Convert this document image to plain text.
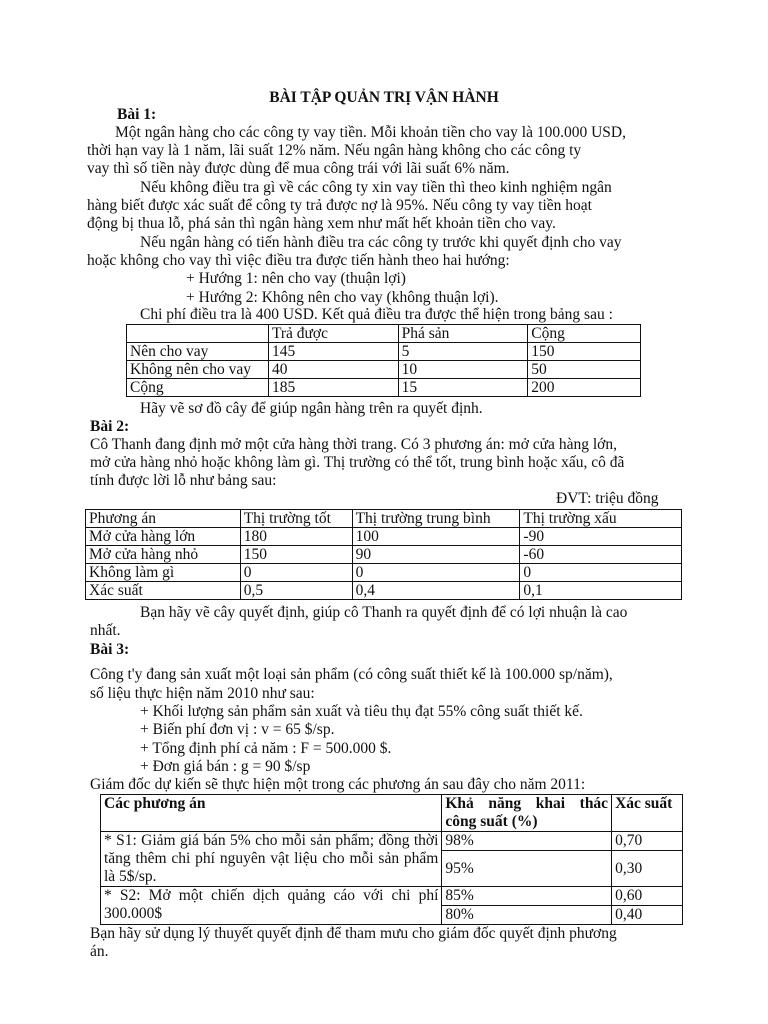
BÀI TẬP QUẢN TRỊ VẬN HÀNH
Bài 1:
Một ngân hàng cho các công ty vay tiền. Mỗi khoản tiền cho vay là 100.000 USD,
thời hạn vay là 1 năm, lãi suất 12% năm. Nếu ngân hàng không cho các công ty
vay thì số tiền này được dùng để mua công trái với lãi suất 6% năm.
Nếu không điều tra gì về các công ty xin vay tiền thì theo kinh nghiệm ngân
hàng biết được xác suất để công ty trả được nợ là 95%. Nếu công ty vay tiền hoạt
động bị thua lỗ, phá sản thì ngân hàng xem như mất hết khoản tiền cho vay.
Nếu ngân hàng có tiến hành điều tra các công ty trước khi quyết định cho vay
hoặc không cho vay thì việc điều tra được tiến hành theo hai hướng:
+ Hướng 1: nên cho vay (thuận lợi)
+ Hướng 2: Không nên cho vay (không thuận lợi).
Chi phí điều tra là 400 USD. Kết quả điều tra được thể hiện trong bảng sau :
	Trả được	Phá sản	Cộng
Nên cho vay	145	5	150
Không nên cho vay	40	10	50
Cộng	185	15	200
Hãy vẽ sơ đồ cây để giúp ngân hàng trên ra quyết định.
Bài 2:
Cô Thanh đang định mở một cửa hàng thời trang. Có 3 phương án: mở cửa hàng lớn,
mở cửa hàng nhỏ hoặc không làm gì. Thị trường có thể tốt, trung bình hoặc xấu, cô đã
tính được lời lỗ như bảng sau:
ĐVT: triệu đồng
Phương án	Thị trường tốt	Thị trường trung bình	Thị trường xấu
Mở cửa hàng lớn	180	100	-90
Mở cửa hàng nhỏ	150	90	-60
Không làm gì	0	0	0
Xác suất	0,5	0,4	0,1
Bạn hãy vẽ cây quyết định, giúp cô Thanh ra quyết định để có lợi nhuận là cao
nhất.
Bài 3:
Công t'y đang sản xuất một loại sản phẩm (có công suất thiết kế là 100.000 sp/năm),
số liệu thực hiện năm 2010 như sau:
+ Khối lượng sản phẩm sản xuất và tiêu thụ đạt 55% công suất thiết kế.
+ Biến phí đơn vị : v = 65 $/sp.
+ Tổng định phí cả năm : F = 500.000 $.
+ Đơn giá bán : g = 90 $/sp
Giám đốc dự kiến sẽ thực hiện một trong các phương án sau đây cho năm 2011:
Các phương án	Khả năng khai thác công suất (%)	Xác suất
* S1: Giảm giá bán 5% cho mỗi sản phẩm; đồng thời tăng thêm chi phí nguyên vật liệu cho mỗi sản phẩm là 5$/sp.	98%	0,70
	95%	0,30
* S2: Mở một chiến dịch quảng cáo với chi phí 300.000$	85%	0,60
	80%	0,40
Bạn hãy sử dụng lý thuyết quyết định để tham mưu cho giám đốc quyết định phương
án.
